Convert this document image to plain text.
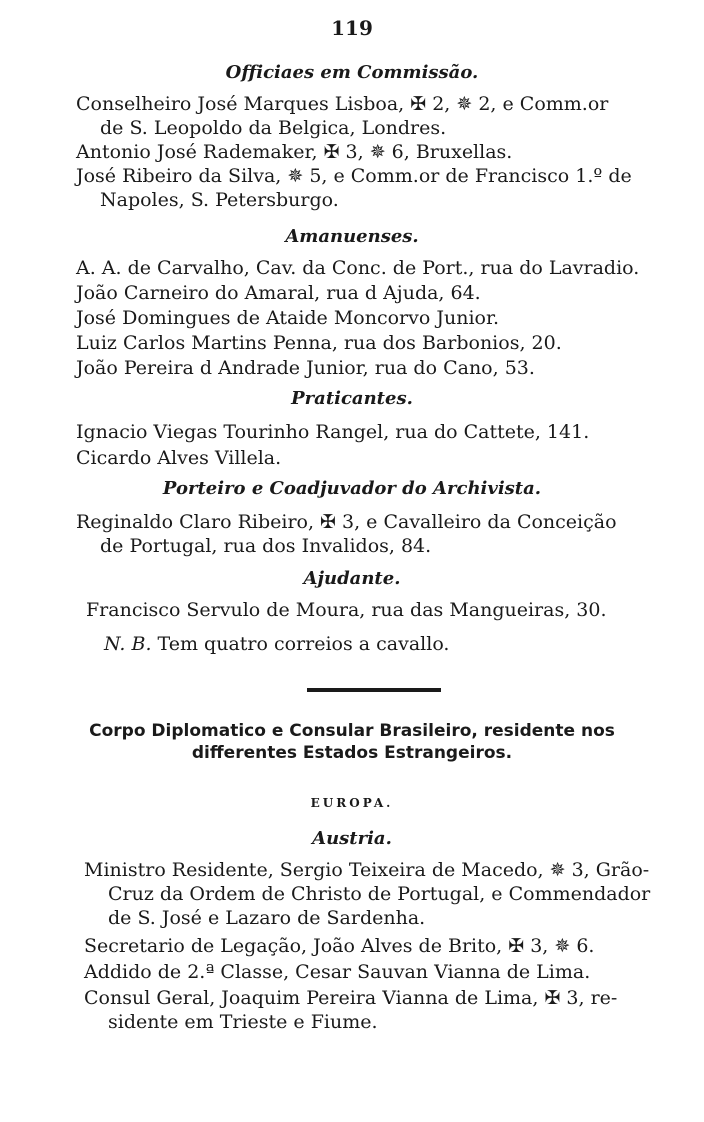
119
Officiaes em Commissão.
Conselheiro José Marques Lisboa, ✠ 2, ✵ 2, e Comm.or
de S. Leopoldo da Belgica, Londres.
Antonio José Rademaker, ✠ 3, ✵ 6, Bruxellas.
José Ribeiro da Silva, ✵ 5, e Comm.or de Francisco 1.º de
Napoles, S. Petersburgo.
Amanuenses.
A. A. de Carvalho, Cav. da Conc. de Port., rua do Lavradio.
João Carneiro do Amaral, rua d Ajuda, 64.
José Domingues de Ataide Moncorvo Junior.
Luiz Carlos Martins Penna, rua dos Barbonios, 20.
João Pereira d Andrade Junior, rua do Cano, 53.
Praticantes.
Ignacio Viegas Tourinho Rangel, rua do Cattete, 141.
Cicardo Alves Villela.
Porteiro e Coadjuvador do Archivista.
Reginaldo Claro Ribeiro, ✠ 3, e Cavalleiro da Conceição
de Portugal, rua dos Invalidos, 84.
Ajudante.
Francisco Servulo de Moura, rua das Mangueiras, 30.
N. B. Tem quatro correios a cavallo.
Corpo Diplomatico e Consular Brasileiro, residente nos
differentes Estados Estrangeiros.
EUROPA.
Austria.
Ministro Residente, Sergio Teixeira de Macedo, ✵ 3, Grão-
Cruz da Ordem de Christo de Portugal, e Commendador
de S. José e Lazaro de Sardenha.
Secretario de Legação, João Alves de Brito, ✠ 3, ✵ 6.
Addido de 2.ª Classe, Cesar Sauvan Vianna de Lima.
Consul Geral, Joaquim Pereira Vianna de Lima, ✠ 3, re-
sidente em Trieste e Fiume.
